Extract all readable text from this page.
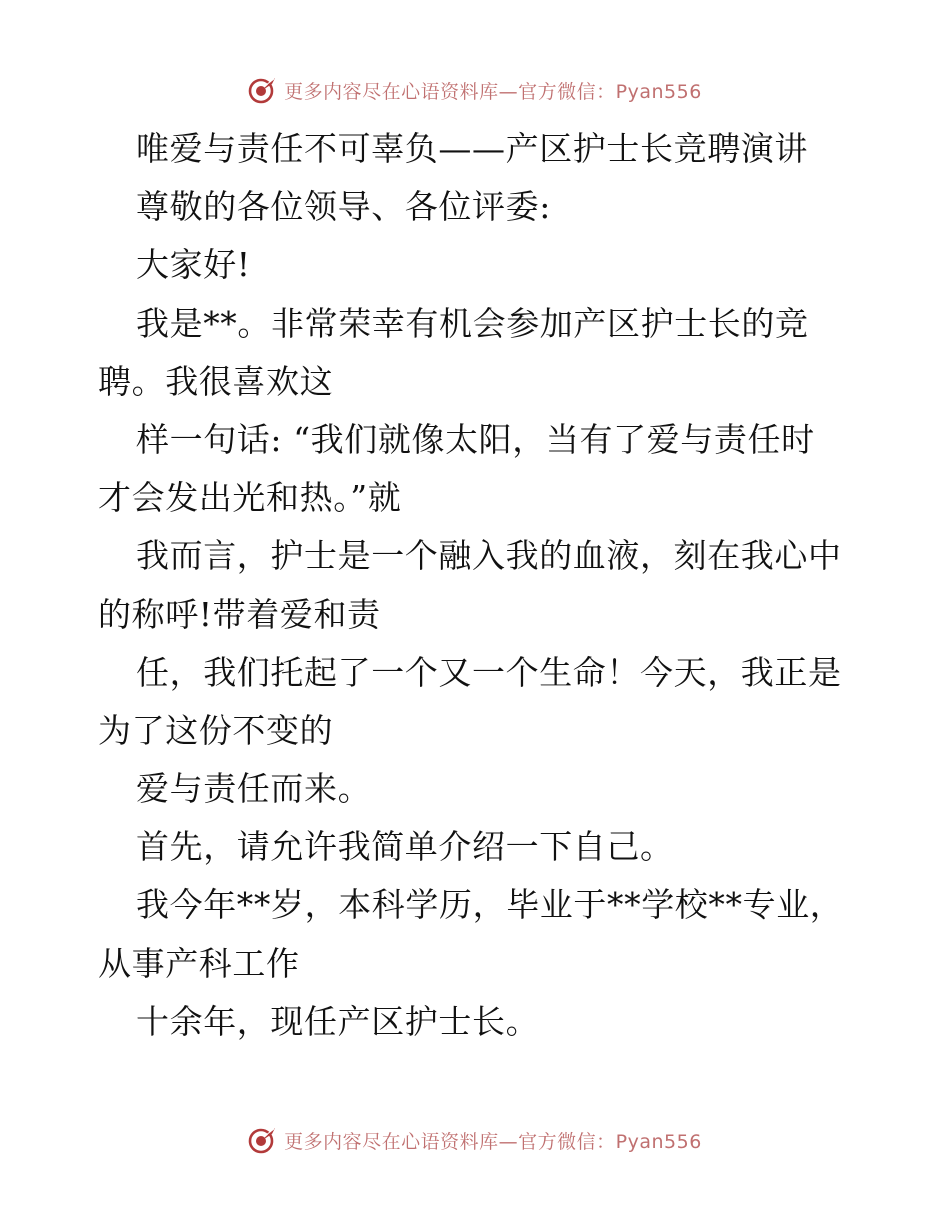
更多内容尽在心语资料库—官方微信：Pyan556
唯爱与责任不可辜负——产区护士长竞聘演讲
尊敬的各位领导、各位评委:
大家好!
我是**。非常荣幸有机会参加产区护士长的竞
聘。我很喜欢这
样一句话: “我们就像太阳，当有了爱与责任时
才会发出光和热。”就
我而言，护士是一个融入我的血液，刻在我心中
的称呼!带着爱和责
任，我们托起了一个又一个生命！今天，我正是
为了这份不变的
爱与责任而来。
首先，请允许我简单介绍一下自己。
我今年**岁，本科学历，毕业于**学校**专业，
从事产科工作
十余年，现任产区护士长。
更多内容尽在心语资料库—官方微信：Pyan556
